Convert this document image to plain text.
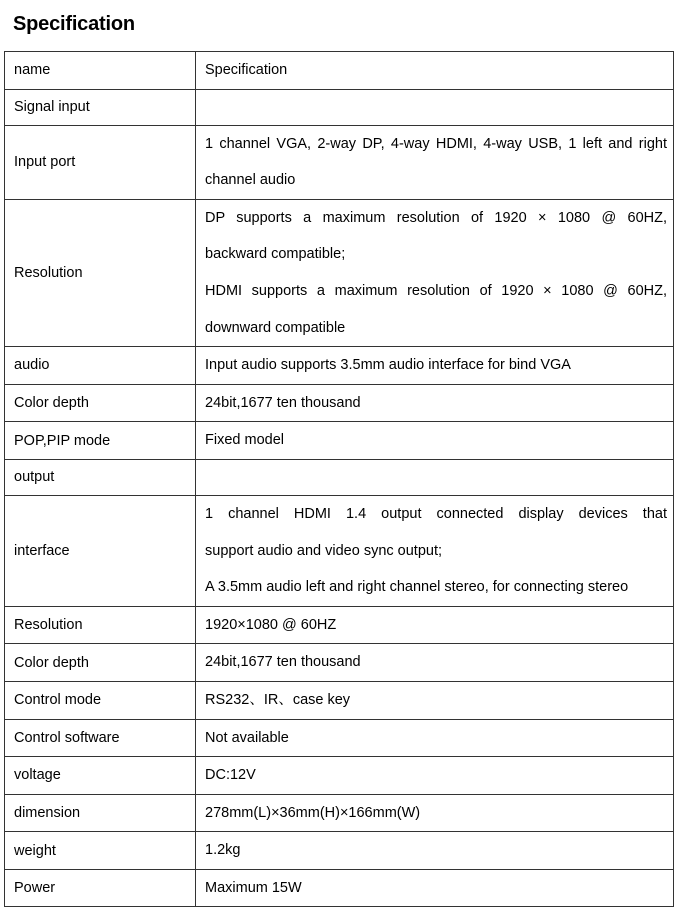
Specification
name	Specification

Signal input	

Input port	1 channel VGA, 2-way DP, 4-way HDMI, 4-way USB, 1 left and right
channel audio

Resolution	DP supports a maximum resolution of 1920 × 1080 @ 60HZ,
backward compatible;
HDMI supports a maximum resolution of 1920 × 1080 @ 60HZ,
downward compatible

audio	Input audio supports 3.5mm audio interface for bind VGA

Color depth	24bit,1677 ten thousand

POP,PIP mode	Fixed model

output	

interface	1 channel HDMI 1.4 output connected display devices that
support audio and video sync output;
A 3.5mm audio left and right channel stereo, for connecting stereo

Resolution	1920×1080 @ 60HZ

Color depth	24bit,1677 ten thousand

Control mode	RS232、IR、case key

Control software	Not available

voltage	DC:12V

dimension	278mm(L)×36mm(H)×166mm(W)

weight	1.2kg

Power	Maximum 15W
